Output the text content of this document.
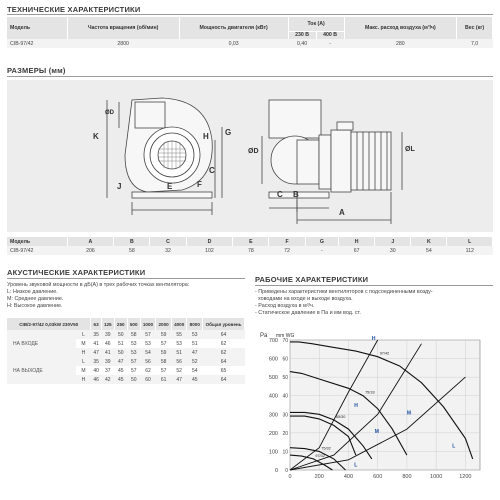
ТЕХНИЧЕСКИЕ ХАРАКТЕРИСТИКИ
Модель	Частота вращения (об/мин)	Мощность двигателя (кВт)	Ток (А)		Макс. расход воздуха (м³/ч)	Вес (кг)
			230 В	400 В		
CIB-97/42	2800	0,03	0,40	-	280	7,0
РАЗМЕРЫ (мм)
ØD
K
J	E	F
C
G
H
ØD	ØL
C B
A
Модель	A	B	C	D	E	F	G	H	J	K	L
CIB-97/42	206	58	32	102	78	72	-	67	30	54	112
АКУСТИЧЕСКИЕ ХАРАКТЕРИСТИКИ
Уровень звуковой мощности в дБ(А) в трех рабочих точках вентилятора:
L: Низкое давление.
M: Среднее давление.
H: Высокое давление.
CIB/2-97/42 0,03kW 230V50		63	125	250	500	1000	2000	4000	8000	Общая уровень
НА ВХОДЕ	L	35	39	50	58	57	59	55	53	64
	M	41	46	51	53	53	57	53	51	62
	H	47	41	50	53	54	59	51	47	62
НА ВЫХОДЕ	L	35	39	47	57	56	58	56	52	64
	M	40	37	45	57	62	57	52	54	65
	H	46	42	45	50	60	61	47	45	64
РАБОЧИЕ ХАРАКТЕРИСТИКИ
- Приведены характеристики вентиляторов с подсоединенными возду-
ховодами на входе и выходе воздуха.
- Расход воздуха в м³/ч.
- Статическое давление в Па и мм вод. ст.
0	200	400	600	800	1000	1200
0 0
100 10
200 20
300 30
400 40
500 50
600 60
700 70
Pa mm WG
97/42
75/33
65/30
75/32
97/32
H
M
L
H
M
L
